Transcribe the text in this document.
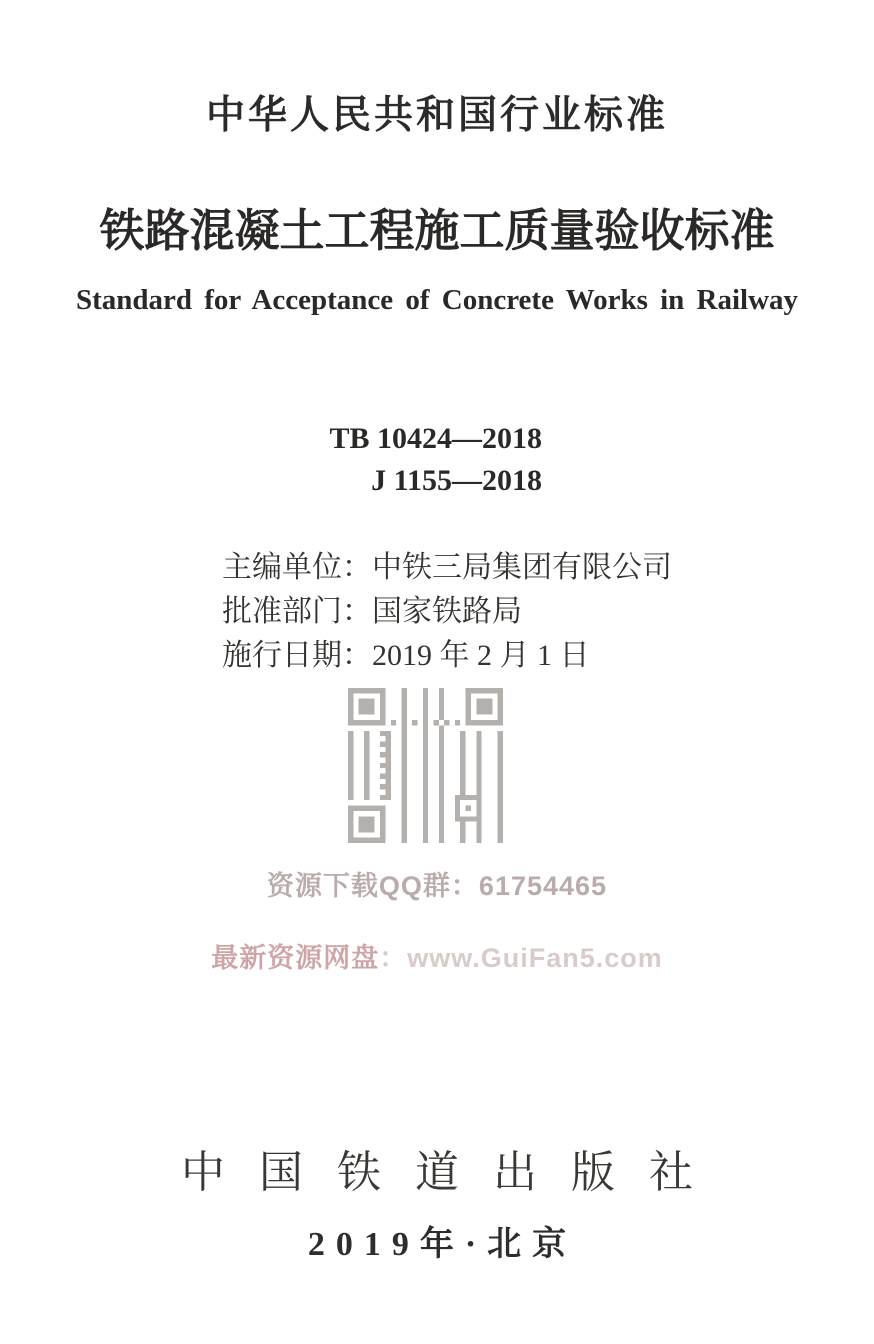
中华人民共和国行业标准
铁路混凝土工程施工质量验收标准
Standard for Acceptance of Concrete Works in Railway
TB 10424—2018
J 1155—2018
主编单位：中铁三局集团有限公司
批准部门：国家铁路局
施行日期：2019 年 2 月 1 日
资源下载QQ群：61754465
最新资源网盘：www.GuiFan5.com
中国铁道出版社
2019年·北京
